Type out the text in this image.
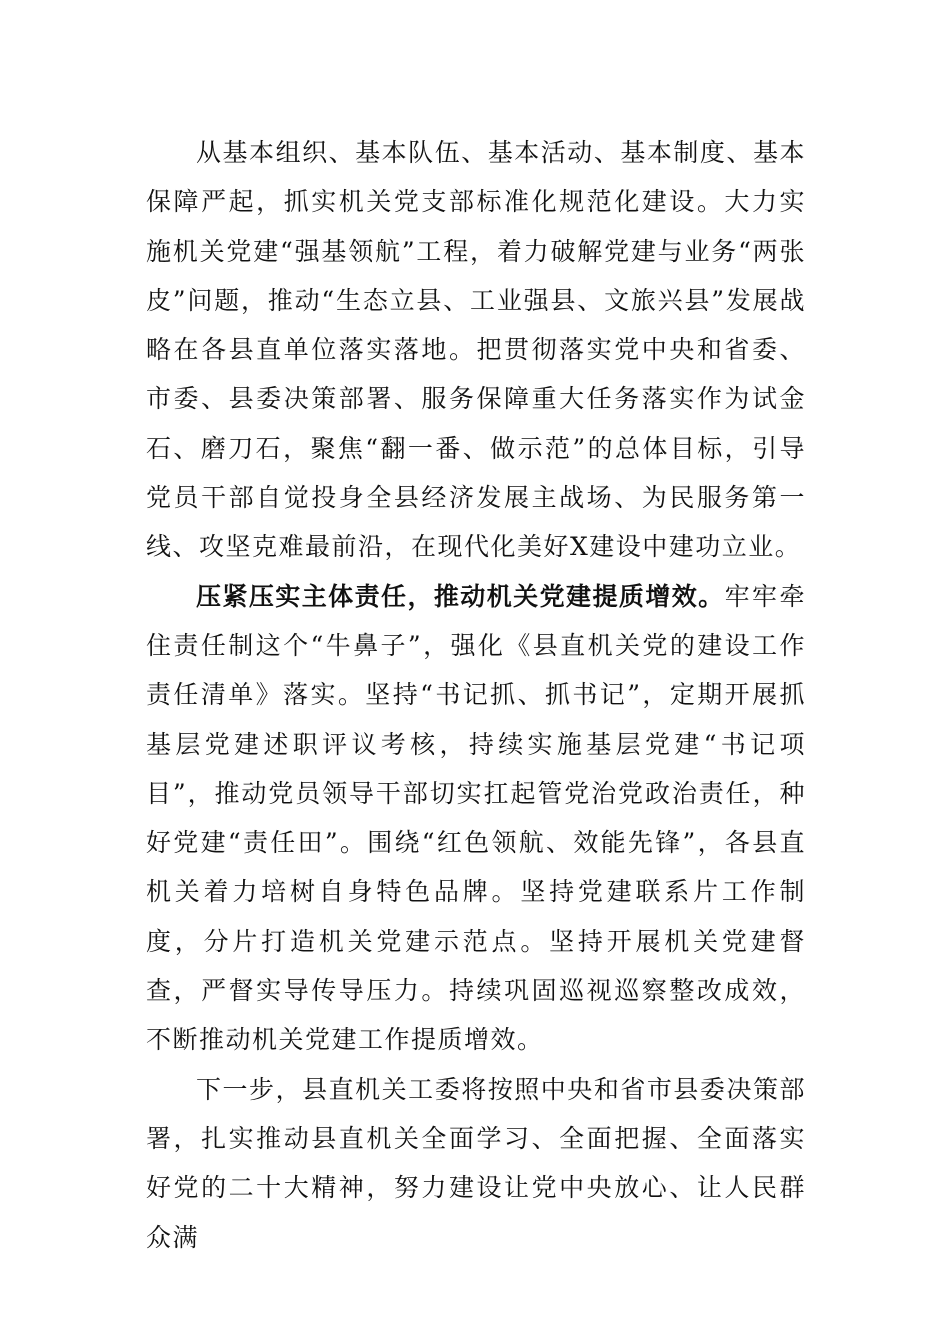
从基本组织、基本队伍、基本活动、基本制度、基本保障严起，抓实机关党支部标准化规范化建设。大力实施机关党建“强基领航”工程，着力破解党建与业务“两张皮”问题，推动“生态立县、工业强县、文旅兴县”发展战略在各县直单位落实落地。把贯彻落实党中央和省委、市委、县委决策部署、服务保障重大任务落实作为试金石、磨刀石，聚焦“翻一番、做示范”的总体目标，引导党员干部自觉投身全县经济发展主战场、为民服务第一线、攻坚克难最前沿，在现代化美好X建设中建功立业。

压紧压实主体责任，推动机关党建提质增效。牢牢牵住责任制这个“牛鼻子”，强化《县直机关党的建设工作责任清单》落实。坚持“书记抓、抓书记”，定期开展抓基层党建述职评议考核，持续实施基层党建“书记项目”，推动党员领导干部切实扛起管党治党政治责任，种好党建“责任田”。围绕“红色领航、效能先锋”，各县直机关着力培树自身特色品牌。坚持党建联系片工作制度，分片打造机关党建示范点。坚持开展机关党建督查，严督实导传导压力。持续巩固巡视巡察整改成效，不断推动机关党建工作提质增效。

下一步，县直机关工委将按照中央和省市县委决策部署，扎实推动县直机关全面学习、全面把握、全面落实好党的二十大精神，努力建设让党中央放心、让人民群众满
